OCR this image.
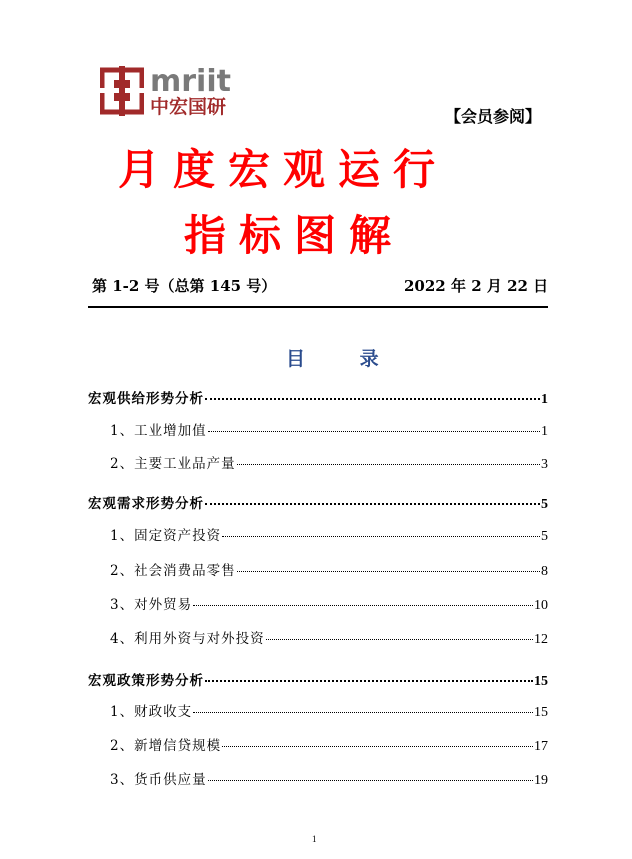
mriit
中宏国研	【会员参阅】
月度宏观运行
指标图解
第 1-2 号（总第 145 号）	2022 年 2 月 22 日
目 录
宏观供给形势分析	1
1、工业增加值	1
2、主要工业品产量	3
宏观需求形势分析	5
1、固定资产投资	5
2、社会消费品零售	8
3、对外贸易	10
4、利用外资与对外投资	12
宏观政策形势分析	15
1、财政收支	15
2、新增信贷规模	17
3、货币供应量	19
1
